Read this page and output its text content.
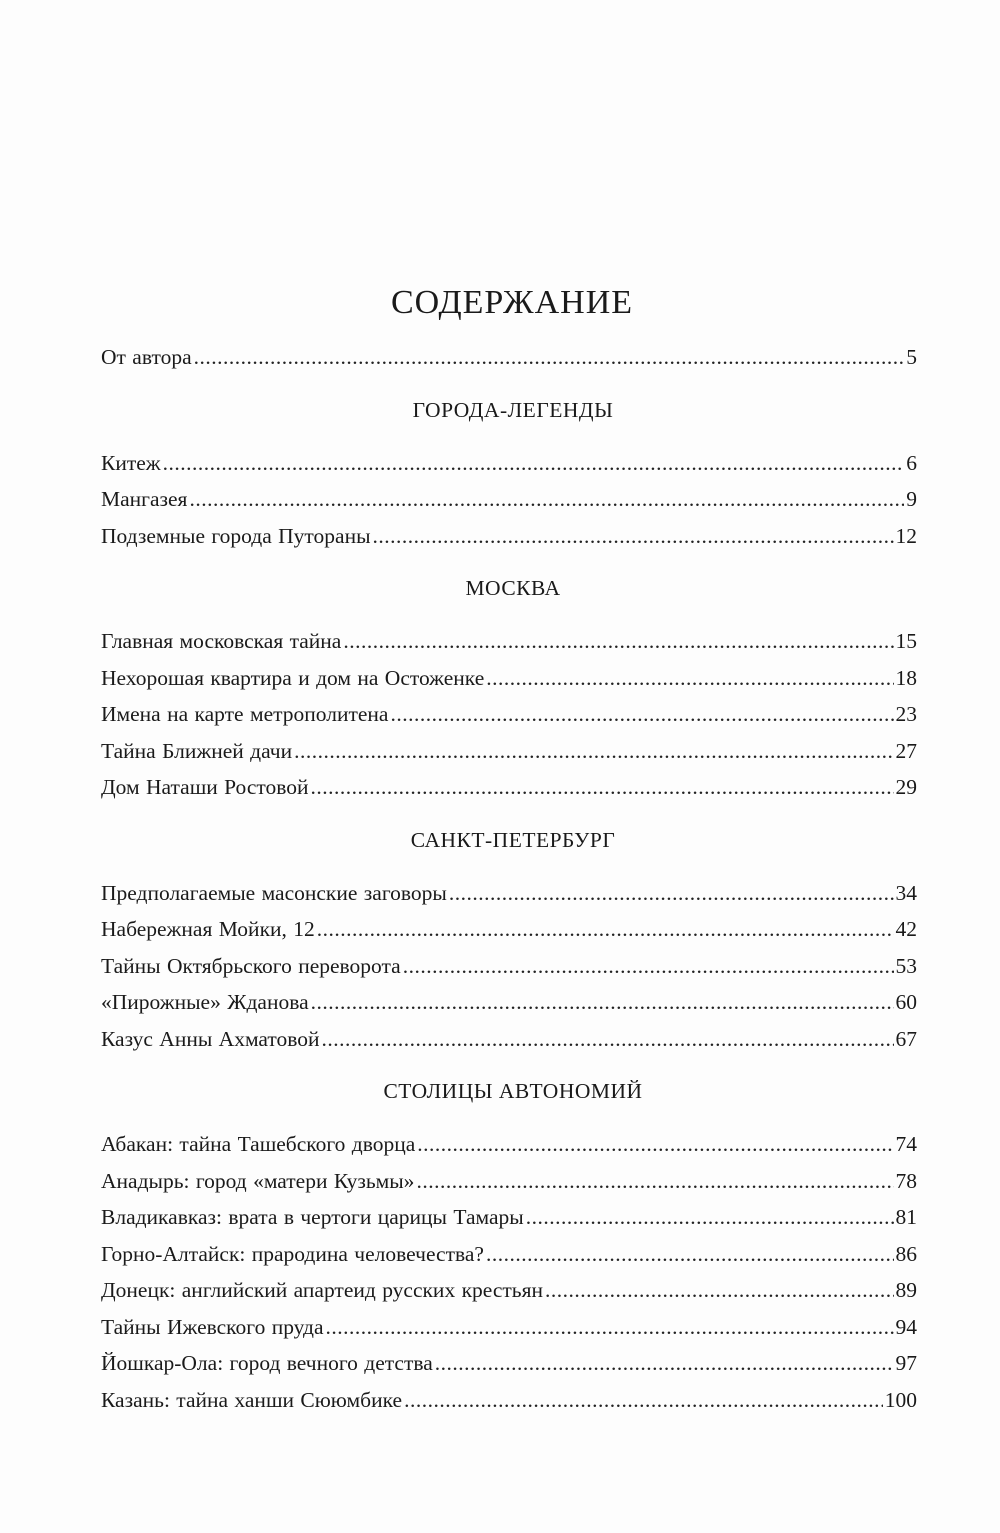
СОДЕРЖАНИЕ
От автора .....	5
ГОРОДА-ЛЕГЕНДЫ
Китеж .....	6
Мангазея .....	9
Подземные города Путораны .....	12
МОСКВА
Главная московская тайна .....	15
Нехорошая квартира и дом на Остоженке .....	18
Имена на карте метрополитена .....	23
Тайна Ближней дачи .....	27
Дом Наташи Ростовой .....	29
САНКТ-ПЕТЕРБУРГ
Предполагаемые масонские заговоры .....	34
Набережная Мойки, 12 .....	42
Тайны Октябрьского переворота .....	53
«Пирожные» Жданова .....	60
Казус Анны Ахматовой .....	67
СТОЛИЦЫ АВТОНОМИЙ
Абакан: тайна Ташебского дворца .....	74
Анадырь: город «матери Кузьмы» .....	78
Владикавказ: врата в чертоги царицы Тамары .....	81
Горно-Алтайск: прародина человечества? .....	86
Донецк: английский апартеид русских крестьян .....	89
Тайны Ижевского пруда .....	94
Йошкар-Ола: город вечного детства .....	97
Казань: тайна ханши Сююмбике .....	100
